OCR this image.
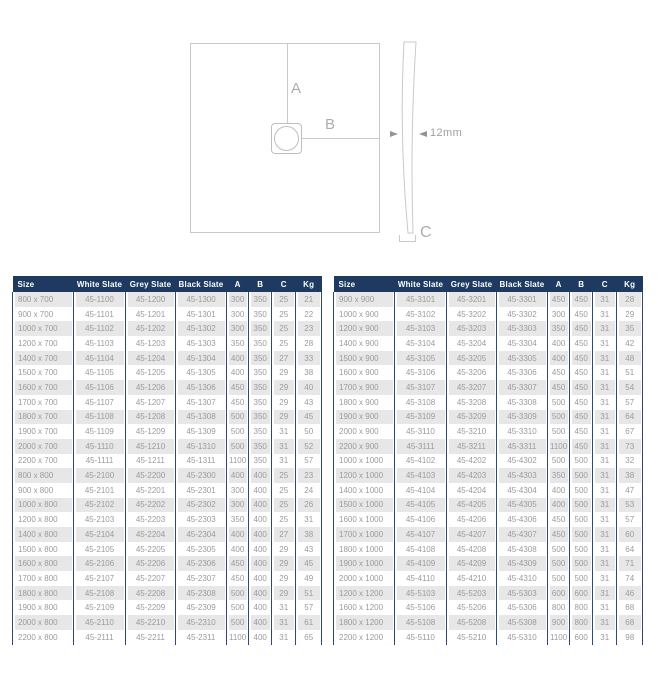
A
B	12mm
C
Size	White Slate	Grey Slate	Black Slate	A	B	C	Kg
800 x 700	45-1100	45-1200	45-1300	300	350	25	21
900 x 700	45-1101	45-1201	45-1301	300	350	25	22
1000 x 700	45-1102	45-1202	45-1302	300	350	25	23
1200 x 700	45-1103	45-1203	45-1303	350	350	25	28
1400 x 700	45-1104	45-1204	45-1304	400	350	27	33
1500 x 700	45-1105	45-1205	45-1305	400	350	29	38
1600 x 700	45-1106	45-1206	45-1306	450	350	29	40
1700 x 700	45-1107	45-1207	45-1307	450	350	29	43
1800 x 700	45-1108	45-1208	45-1308	500	350	29	45
1900 x 700	45-1109	45-1209	45-1309	500	350	31	50
2000 x 700	45-1110	45-1210	45-1310	500	350	31	52
2200 x 700	45-1111	45-1211	45-1311	1100	350	31	57
800 x 800	45-2100	45-2200	45-2300	400	400	25	23
900 x 800	45-2101	45-2201	45-2301	300	400	25	24
1000 x 800	45-2102	45-2202	45-2302	300	400	25	26
1200 x 800	45-2103	45-2203	45-2303	350	400	25	31
1400 x 800	45-2104	45-2204	45-2304	400	400	27	38
1500 x 800	45-2105	45-2205	45-2305	400	400	29	43
1600 x 800	45-2106	45-2206	45-2306	450	400	29	45
1700 x 800	45-2107	45-2207	45-2307	450	400	29	49
1800 x 800	45-2108	45-2208	45-2308	500	400	29	51
1900 x 800	45-2109	45-2209	45-2309	500	400	31	57
2000 x 800	45-2110	45-2210	45-2310	500	400	31	61
2200 x 800	45-2111	45-2211	45-2311	1100	400	31	65
Size	White Slate	Grey Slate	Black Slate	A	B	C	Kg
900 x 900	45-3101	45-3201	45-3301	450	450	31	28
1000 x 900	45-3102	45-3202	45-3302	300	450	31	29
1200 x 900	45-3103	45-3203	45-3303	350	450	31	35
1400 x 900	45-3104	45-3204	45-3304	400	450	31	42
1500 x 900	45-3105	45-3205	45-3305	400	450	31	48
1600 x 900	45-3106	45-3206	45-3306	450	450	31	51
1700 x 900	45-3107	45-3207	45-3307	450	450	31	54
1800 x 900	45-3108	45-3208	45-3308	500	450	31	57
1900 x 900	45-3109	45-3209	45-3309	500	450	31	64
2000 x 900	45-3110	45-3210	45-3310	500	450	31	67
2200 x 900	45-3111	45-3211	45-3311	1100	450	31	73
1000 x 1000	45-4102	45-4202	45-4302	500	500	31	32
1200 x 1000	45-4103	45-4203	45-4303	350	500	31	38
1400 x 1000	45-4104	45-4204	45-4304	400	500	31	47
1500 x 1000	45-4105	45-4205	45-4305	400	500	31	53
1600 x 1000	45-4106	45-4206	45-4306	450	500	31	57
1700 x 1000	45-4107	45-4207	45-4307	450	500	31	60
1800 x 1000	45-4108	45-4208	45-4308	500	500	31	64
1900 x 1000	45-4109	45-4209	45-4309	500	500	31	71
2000 x 1000	45-4110	45-4210	45-4310	500	500	31	74
1200 x 1200	45-5103	45-5203	45-5303	600	600	31	46
1600 x 1200	45-5106	45-5206	45-5306	800	800	31	68
1800 x 1200	45-5108	45-5208	45-5308	900	800	31	68
2200 x 1200	45-5110	45-5210	45-5310	1100	600	31	98
